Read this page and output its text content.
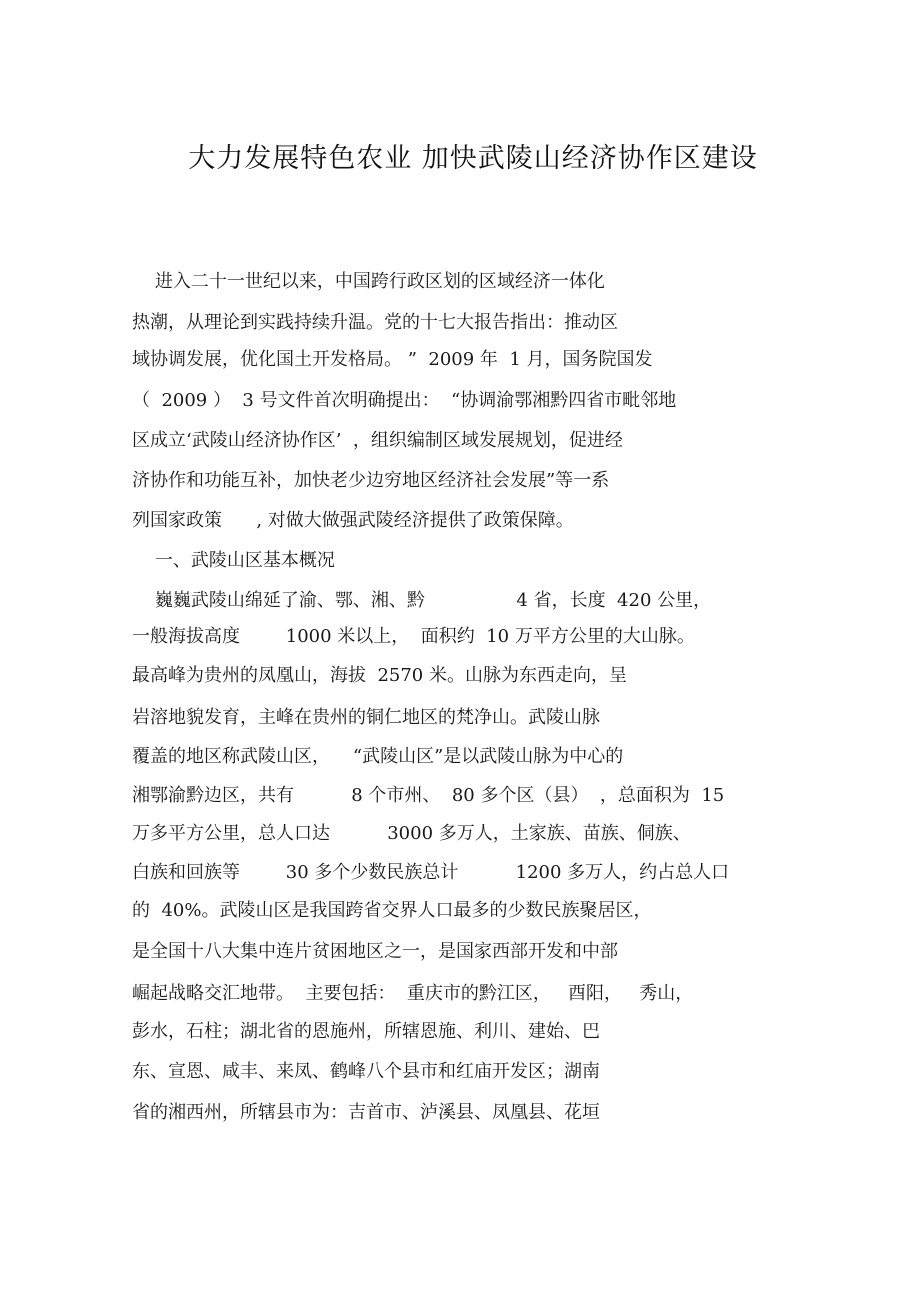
大力发展特色农业 加快武陵山经济协作区建设
进入二十一世纪以来，中国跨行政区划的区域经济一体化
热潮，从理论到实践持续升温。党的十七大报告指出：推动区
域协调发展，优化国土开发格局。 ”  2009 年  1 月，国务院国发
（  2009 ）  3 号文件首次明确提出：  “协调渝鄂湘黔四省市毗邻地
区成立‘武陵山经济协作区’  ，组织编制区域发展规划，促进经
济协作和功能互补，加快老少边穷地区经济社会发展”等一系
列国家政策      , 对做大做强武陵经济提供了政策保障。
一、武陵山区基本概况
巍巍武陵山绵延了渝、鄂、湘、黔                4 省，长度  420 公里，
一般海拔高度        1000 米以上，  面积约  10 万平方公里的大山脉。
最高峰为贵州的凤凰山，海拔  2570 米。山脉为东西走向，呈
岩溶地貌发育，主峰在贵州的铜仁地区的梵净山。武陵山脉
覆盖的地区称武陵山区，    “武陵山区”是以武陵山脉为中心的
湘鄂渝黔边区，共有          8 个市州、  80 多个区（县）  ，总面积为  15
万多平方公里，总人口达          3000 多万人，土家族、苗族、侗族、
白族和回族等        30 多个少数民族总计          1200 多万人，约占总人口
的  40%。武陵山区是我国跨省交界人口最多的少数民族聚居区，
是全国十八大集中连片贫困地区之一，是国家西部开发和中部
崛起战略交汇地带。  主要包括：  重庆市的黔江区，   酉阳，   秀山，
彭水，石柱；湖北省的恩施州，所辖恩施、利川、建始、巴
东、宣恩、咸丰、来凤、鹤峰八个县市和红庙开发区；湖南
省的湘西州，所辖县市为：吉首市、泸溪县、凤凰县、花垣
